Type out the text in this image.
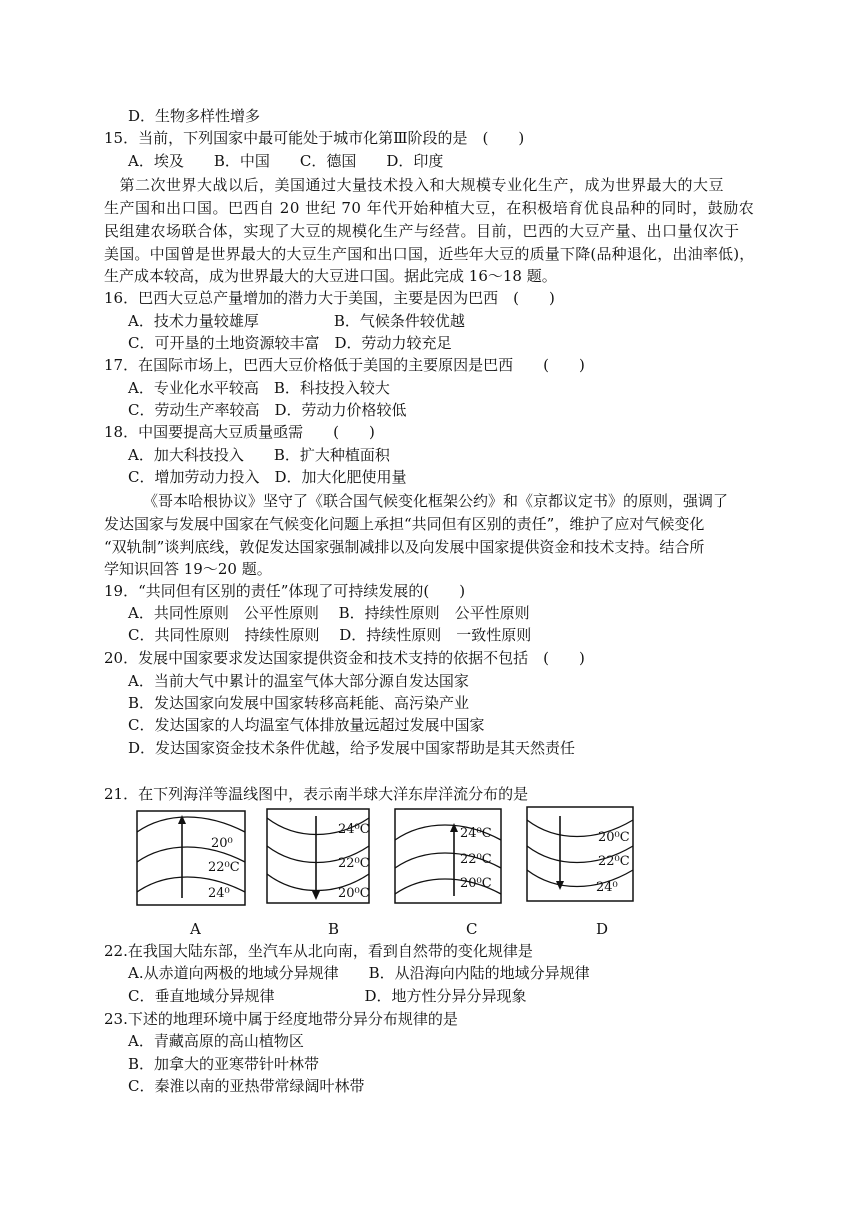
D．生物多样性增多
15．当前，下列国家中最可能处于城市化第Ⅲ阶段的是　(　　)
A．埃及　　B．中国　　C．德国　　D．印度
　第二次世界大战以后，美国通过大量技术投入和大规模专业化生产，成为世界最大的大豆
生产国和出口国。巴西自 20 世纪 70 年代开始种植大豆，在积极培育优良品种的同时，鼓励农
民组建农场联合体，实现了大豆的规模化生产与经营。目前，巴西的大豆产量、出口量仅次于
美国。中国曾是世界最大的大豆生产国和出口国，近些年大豆的质量下降(品种退化，出油率低)，
生产成本较高，成为世界最大的大豆进口国。据此完成 16～18 题。
16．巴西大豆总产量增加的潜力大于美国，主要是因为巴西　(　　)
A．技术力量较雄厚　　　　　B．气候条件较优越
C．可开垦的土地资源较丰富　D．劳动力较充足
17．在国际市场上，巴西大豆价格低于美国的主要原因是巴西　　(　　)
A．专业化水平较高　B．科技投入较大
C．劳动生产率较高　D．劳动力价格较低
18．中国要提高大豆质量亟需　　(　　)
A．加大科技投入　　B．扩大种植面积
C．增加劳动力投入　D．加大化肥使用量
《哥本哈根协议》坚守了《联合国气候变化框架公约》和《京都议定书》的原则，强调了
发达国家与发展中国家在气候变化问题上承担“共同但有区别的责任”，维护了应对气候变化
“双轨制”谈判底线，敦促发达国家强制减排以及向发展中国家提供资金和技术支持。结合所
学知识回答 19～20 题。
19．“共同但有区别的责任”体现了可持续发展的(　　)
A．共同性原则　公平性原则　 B．持续性原则　公平性原则
C．共同性原则　持续性原则　 D．持续性原则　一致性原则
20．发展中国家要求发达国家提供资金和技术支持的依据不包括　(　　)
A．当前大气中累计的温室气体大部分源自发达国家
B．发达国家向发展中国家转移高耗能、高污染产业
C．发达国家的人均温室气体排放量远超过发展中国家
D．发达国家资金技术条件优越，给予发展中国家帮助是其天然责任
21．在下列海洋等温线图中，表示南半球大洋东岸洋流分布的是
20⁰
22⁰C
24⁰
A
24⁰C
22⁰C
20⁰C
B
24⁰C
22⁰C
20⁰C
C
20⁰C
22⁰C
24⁰
D
22.在我国大陆东部，坐汽车从北向南，看到自然带的变化规律是
A.从赤道向两极的地域分异规律　　B．从沿海向内陆的地域分异规律
C．垂直地域分异规律　　　　　　D．地方性分异分异现象
23.下述的地理环境中属于经度地带分异分布规律的是
A．青藏高原的高山植物区
B．加拿大的亚寒带针叶林带
C．秦淮以南的亚热带常绿阔叶林带
